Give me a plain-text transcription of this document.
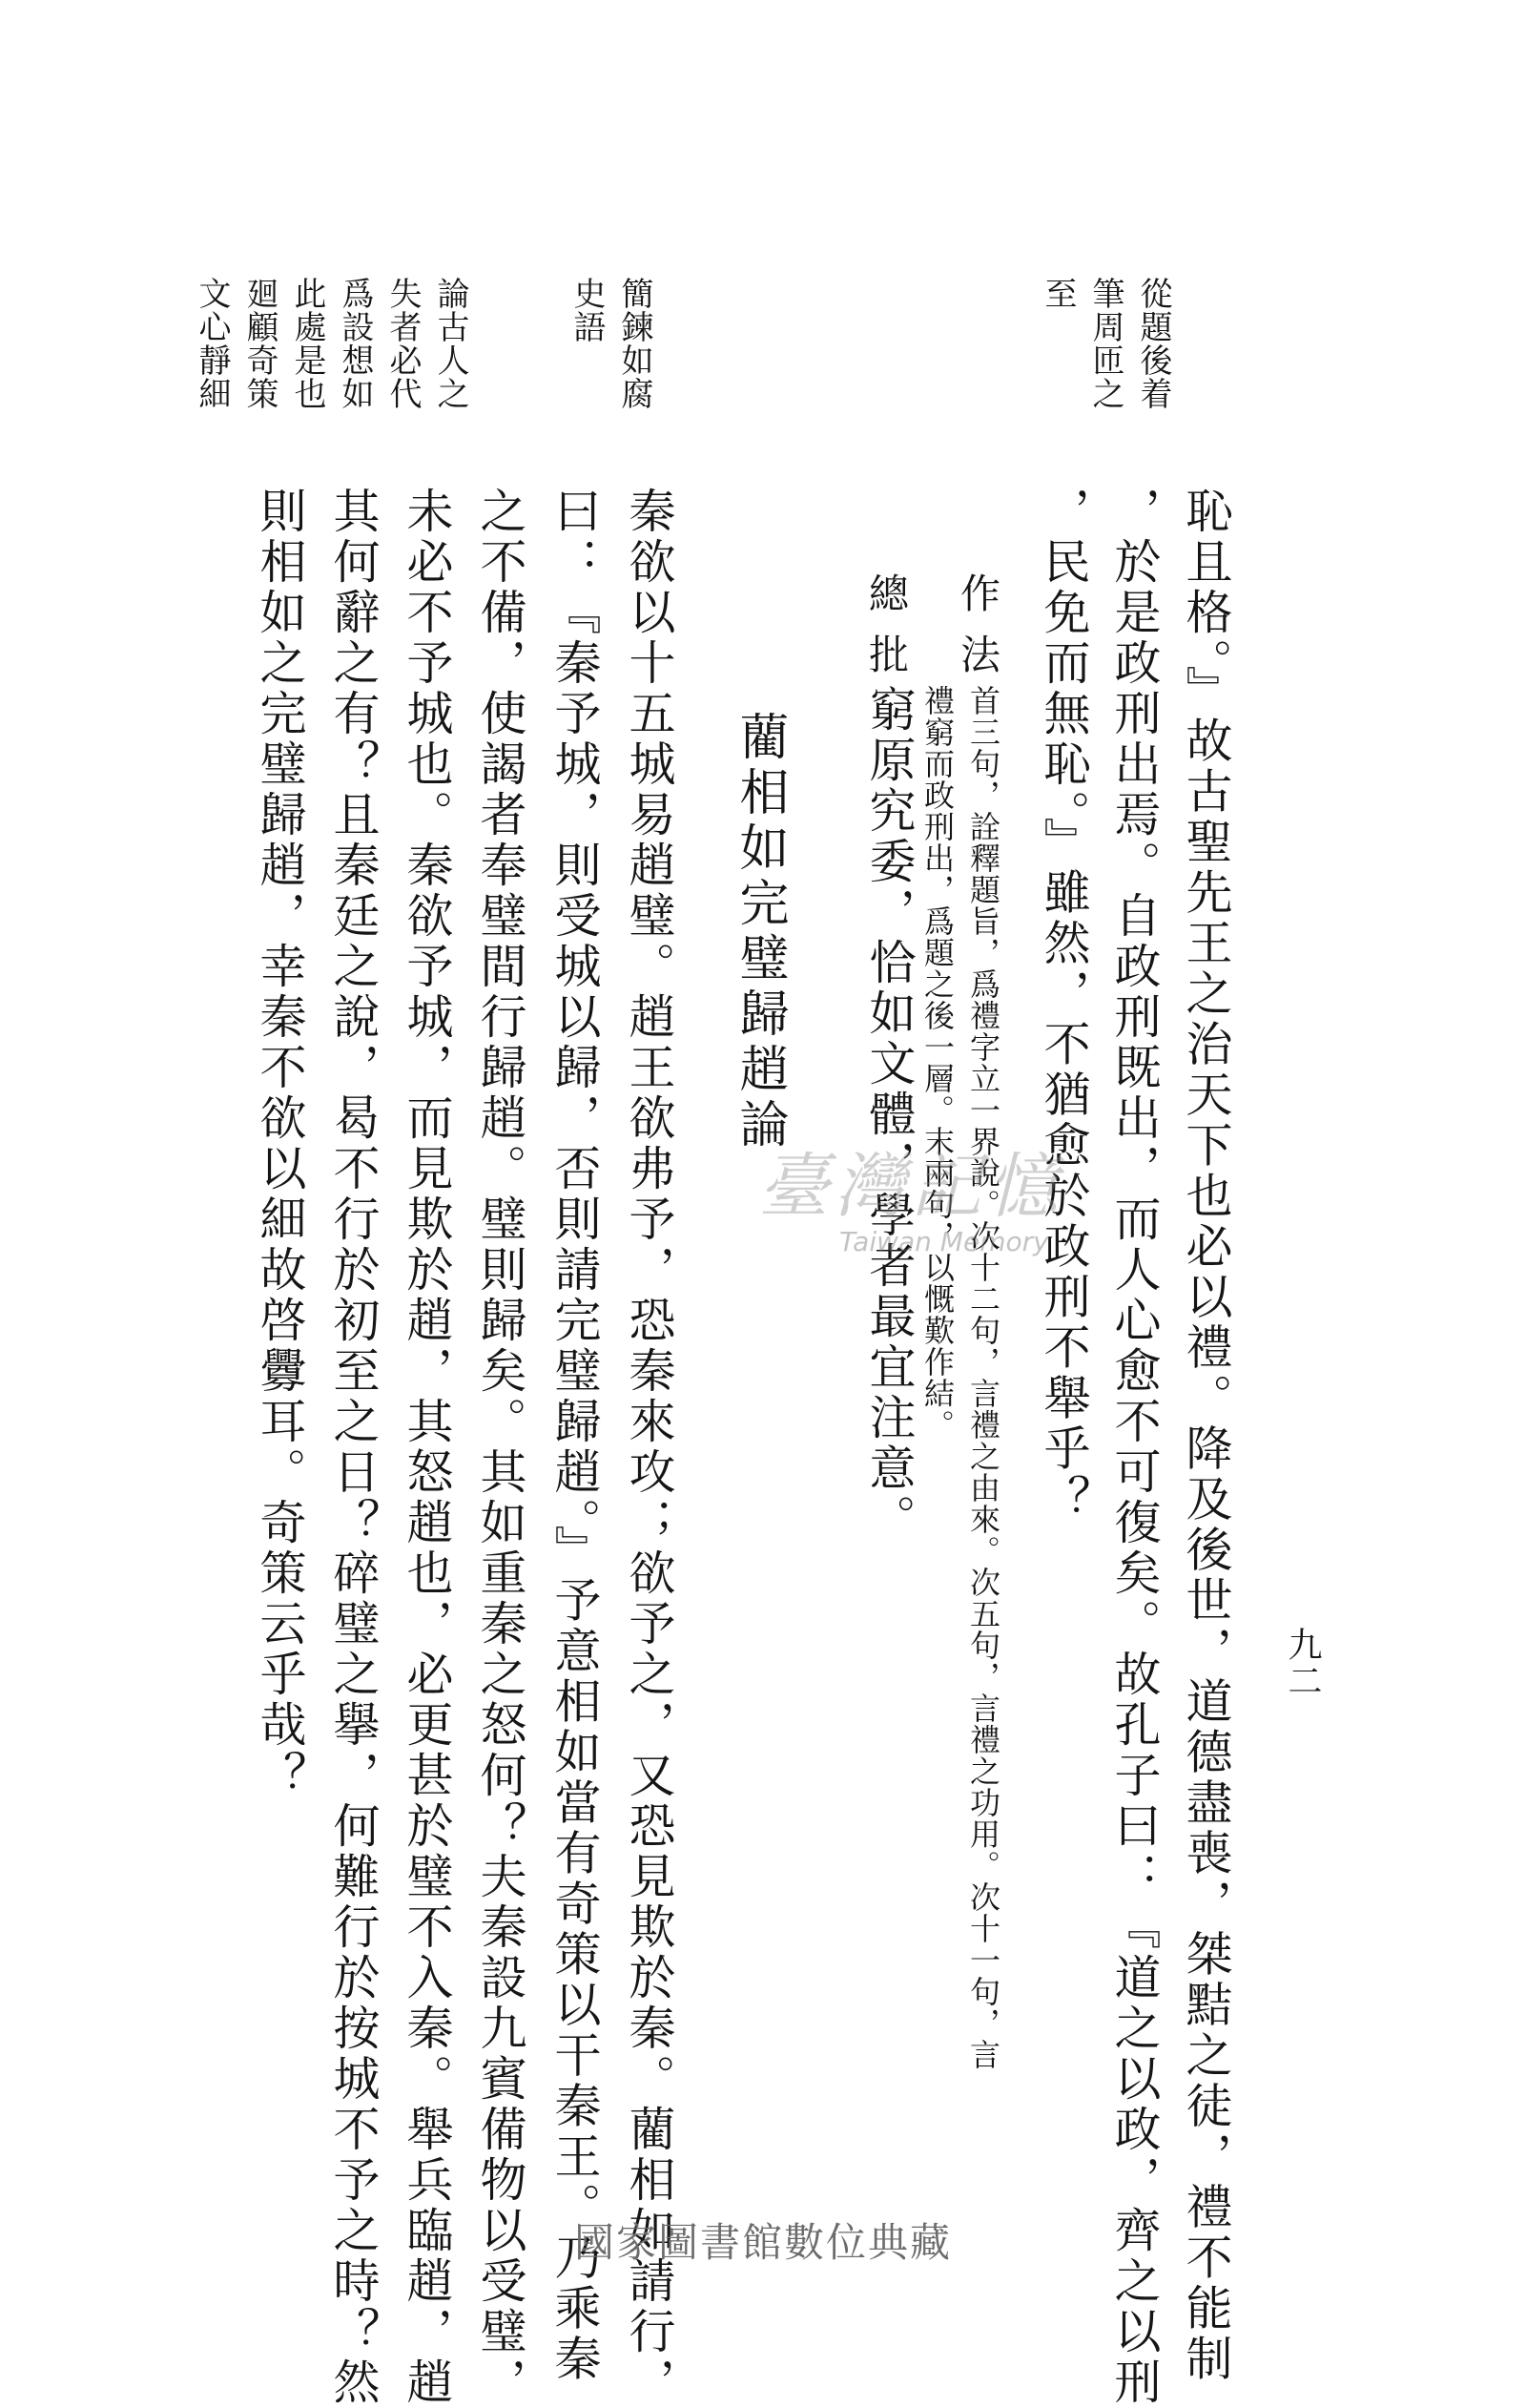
九二

從題後着

筆周匝之

至

恥且格。』故古聖先王之治天下也必以禮。降及後世，道德盡喪，桀黠之徒，禮不能制

，於是政刑出焉。自政刑既出，而人心愈不可復矣。故孔子曰：『道之以政，齊之以刑

，民免而無恥。』雖然，不猶愈於政刑不舉乎？

作法

首三句，詮釋題旨，爲禮字立一界說。次十二句，言禮之由來。次五句，言禮之功用。次十一句，言

禮窮而政刑出，爲題之後一層。末兩句，以慨歎作結。

總批

窮原究委，恰如文體，學者最宜注意。

藺相如完璧歸趙論

簡鍊如腐

史語

論古人之

失者必代

爲設想如

此處是也

廻顧奇策

文心靜細

秦欲以十五城易趙璧。趙王欲弗予，恐秦來攻；欲予之，又恐見欺於秦。藺相如請行，

曰：『秦予城，則受城以歸，否則請完璧歸趙。』予意相如當有奇策以干秦王。乃乘秦

之不備，使謁者奉璧間行歸趙。璧則歸矣。其如重秦之怒何？夫秦設九賓備物以受璧，

未必不予城也。秦欲予城，而見欺於趙，其怒趙也，必更甚於璧不入秦。舉兵臨趙，趙

其何辭之有？且秦廷之說，曷不行於初至之日？碎璧之擧，何難行於按城不予之時？然

則相如之完璧歸趙，幸秦不欲以細故啓釁耳。奇策云乎哉？	臺灣記憶
Taiwan Memory
國家圖書館數位典藏
